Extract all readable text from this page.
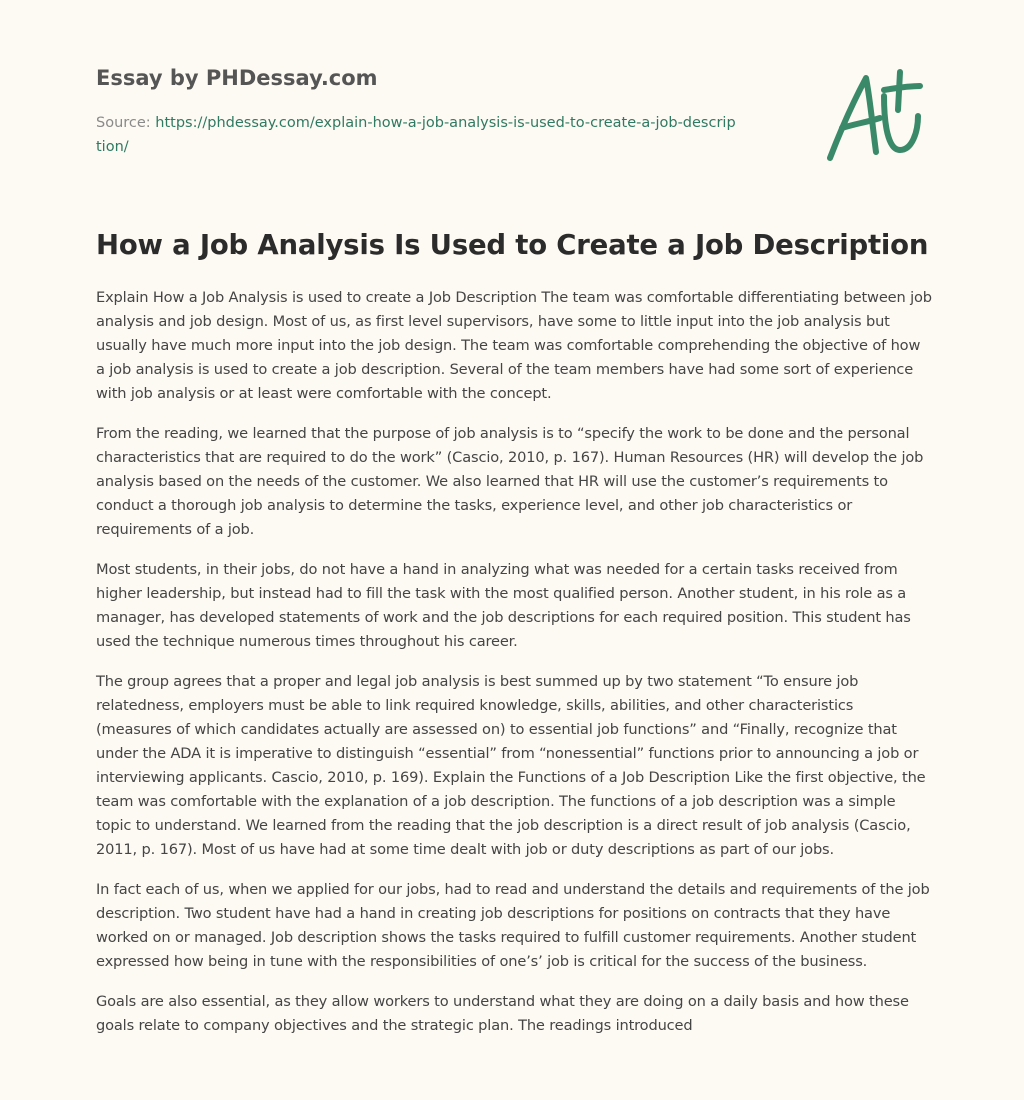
Essay by PHDessay.com
Source: https://phdessay.com/explain-how-a-job-analysis-is-used-to-create-a-job-description/
How a Job Analysis Is Used to Create a Job Description

Explain How a Job Analysis is used to create a Job Description The team was comfortable differentiating between job analysis and job design. Most of us, as first level supervisors, have some to little input into the job analysis but usually have much more input into the job design. The team was comfortable comprehending the objective of how a job analysis is used to create a job description. Several of the team members have had some sort of experience with job analysis or at least were comfortable with the concept.

From the reading, we learned that the purpose of job analysis is to “specify the work to be done and the personal characteristics that are required to do the work” (Cascio, 2010, p. 167). Human Resources (HR) will develop the job analysis based on the needs of the customer. We also learned that HR will use the customer’s requirements to conduct a thorough job analysis to determine the tasks, experience level, and other job characteristics or requirements of a job.

Most students, in their jobs, do not have a hand in analyzing what was needed for a certain tasks received from higher leadership, but instead had to fill the task with the most qualified person. Another student, in his role as a manager, has developed statements of work and the job descriptions for each required position. This student has used the technique numerous times throughout his career.

The group agrees that a proper and legal job analysis is best summed up by two statement “To ensure job relatedness, employers must be able to link required knowledge, skills, abilities, and other characteristics (measures of which candidates actually are assessed on) to essential job functions” and “Finally, recognize that under the ADA it is imperative to distinguish “essential” from “nonessential” functions prior to announcing a job or interviewing applicants. Cascio, 2010, p. 169). Explain the Functions of a Job Description Like the first objective, the team was comfortable with the explanation of a job description. The functions of a job description was a simple topic to understand. We learned from the reading that the job description is a direct result of job analysis (Cascio, 2011, p. 167). Most of us have had at some time dealt with job or duty descriptions as part of our jobs.

In fact each of us, when we applied for our jobs, had to read and understand the details and requirements of the job description. Two student have had a hand in creating job descriptions for positions on contracts that they have worked on or managed. Job description shows the tasks required to fulfill customer requirements. Another student expressed how being in tune with the responsibilities of one’s’ job is critical for the success of the business.

Goals are also essential, as they allow workers to understand what they are doing on a daily basis and how these goals relate to company objectives and the strategic plan. The readings introduced
